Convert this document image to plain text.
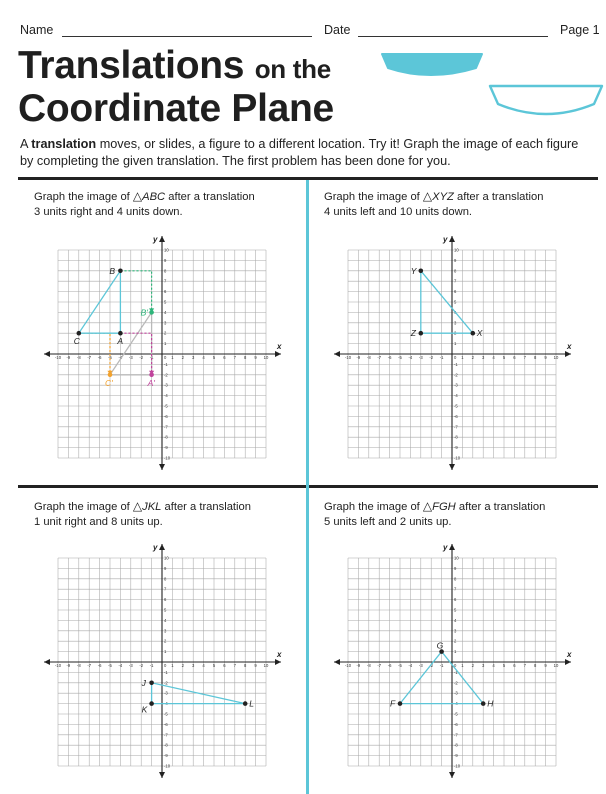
Name	Date	Page 1
Translations on the
Coordinate Plane
A translation moves, or slides, a figure to a different location. Try it! Graph the image of each figure by completing the given translation. The first problem has been done for you.
Graph the image of △ABC after a translation
3 units right and 4 units down.
Graph the image of △XYZ after a translation
4 units left and 10 units down.
Graph the image of △JKL after a translation
1 unit right and 8 units up.
Graph the image of △FGH after a translation
5 units left and 2 units up.
x
y
-10 -9 -8 -7 -6 -5 -4 -3 -2 -1	1 2 3 4 5 6 7 8 9 10
-10
-9
-8
-7
-6
-5
-4
-3
-2
-1
1
2
3
4
5
6
7
8
9
10
0
A
B
C
A'
B'
C'
x
y
-10 -9 -8 -7 -6 -5 -4 -3 -2 -1	1 2 3 4 5 6 7 8 9 10
-10
-9
-8
-7
-6
-5
-4
-3
-2
-1
1
2
3
4
5
6
7
8
9
10
0
X
Y
Z
x
y
-10 -9 -8 -7 -6 -5 -4 -3 -2 -1	1 2 3 4 5 6 7 8 9 10
-10
-9
-8
-7
-6
-5
-4
-3
-2
-1
1
2
3
4
5
6
7
8
9
10
0
J
K
L
x
y
-10 -9 -8 -7 -6 -5 -4 -3 -2 -1	1 2 3 4 5 6 7 8 9 10
-10
-9
-8
-7
-6
-5
-4
-3
-2
-1
1
2
3
4
5
6
7
8
9
10
0
F
G
H
